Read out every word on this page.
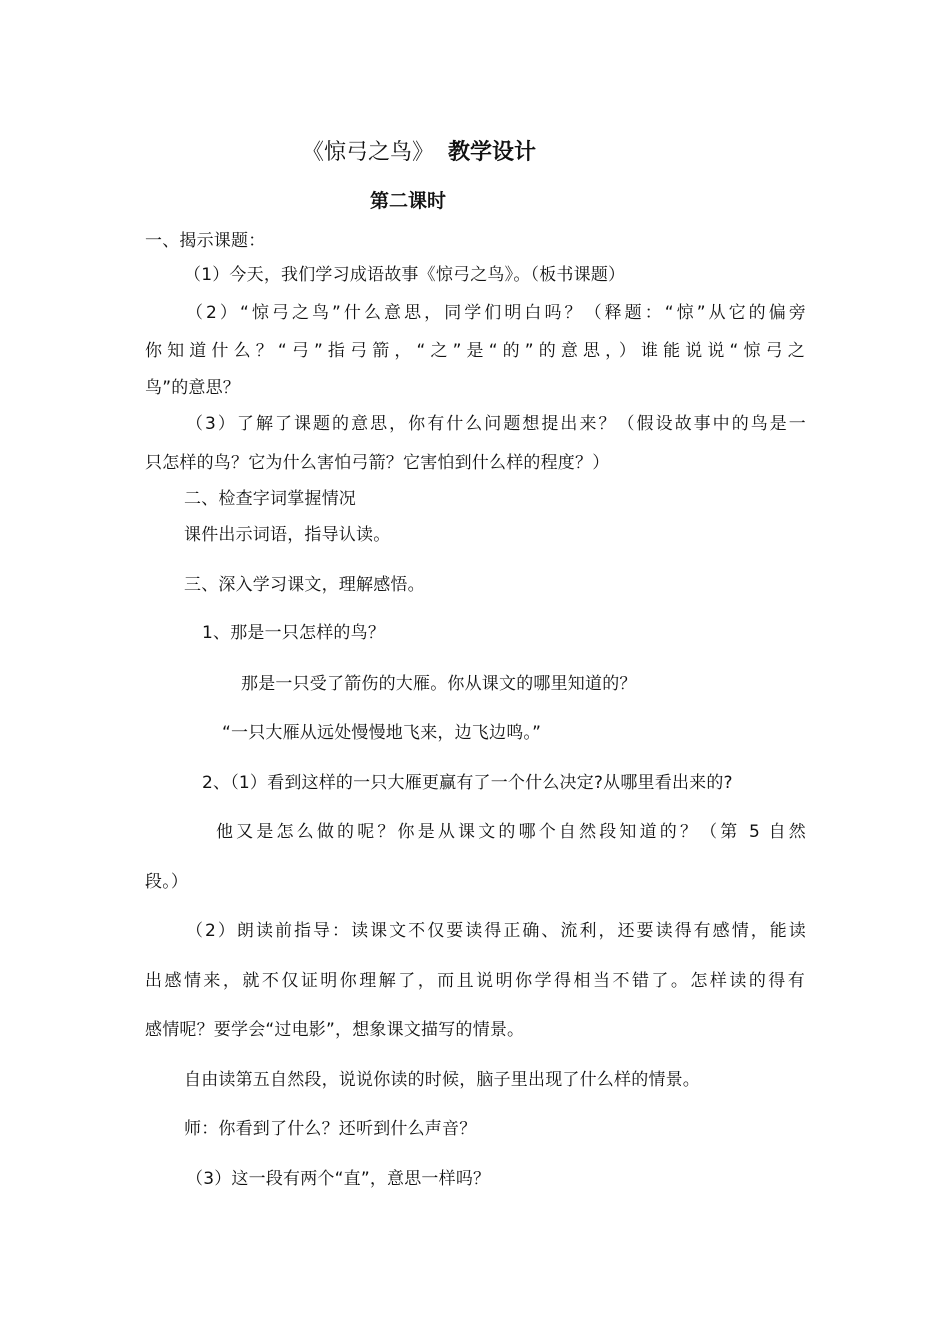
《惊弓之鸟》 教学设计
第二课时
一、揭示课题：
（1）今天，我们学习成语故事《惊弓之鸟》。（板书课题）
（2）“惊弓之鸟”什么意思，同学们明白吗？（释题：“惊”从它的偏旁
你知道什么？“弓”指弓箭，“之”是“的”的意思，）谁能说说“惊弓之
鸟”的意思？
（3）了解了课题的意思，你有什么问题想提出来？（假设故事中的鸟是一
只怎样的鸟？它为什么害怕弓箭？它害怕到什么样的程度？）
二、检查字词掌握情况
课件出示词语，指导认读。
三、深入学习课文，理解感悟。
1、那是一只怎样的鸟？
那是一只受了箭伤的大雁。你从课文的哪里知道的？
“一只大雁从远处慢慢地飞来，边飞边鸣。”
2、（1）看到这样的一只大雁更赢有了一个什么决定?从哪里看出来的?
他又是怎么做的呢？你是从课文的哪个自然段知道的？（第 5 自然
段。）
（2）朗读前指导：读课文不仅要读得正确、流利，还要读得有感情，能读
出感情来，就不仅证明你理解了，而且说明你学得相当不错了。怎样读的得有
感情呢？要学会“过电影”，想象课文描写的情景。
自由读第五自然段，说说你读的时候，脑子里出现了什么样的情景。
师：你看到了什么？还听到什么声音？
（3）这一段有两个“直”，意思一样吗？
